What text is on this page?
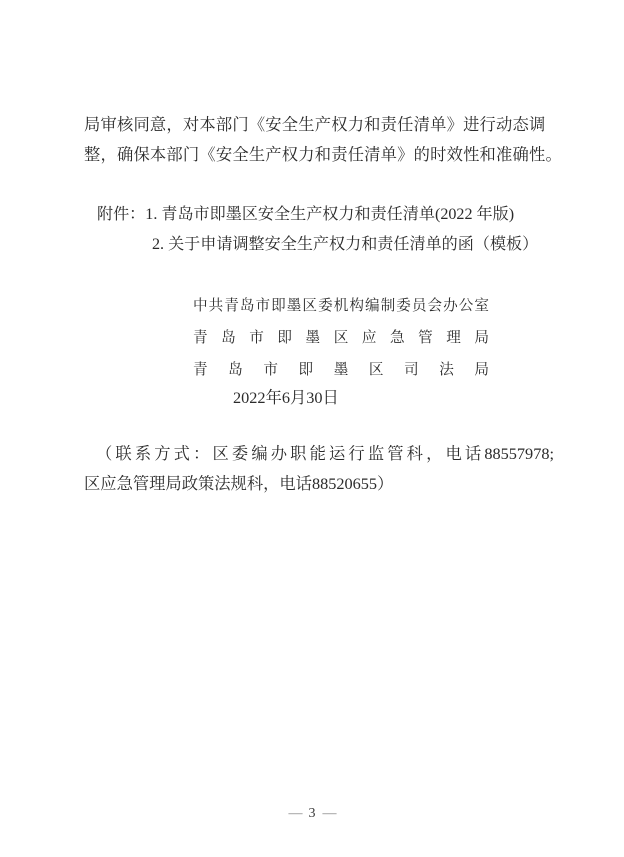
局审核同意，对本部门《安全生产权力和责任清单》进行动态调
整，确保本部门《安全生产权力和责任清单》的时效性和准确性。
附件：1. 青岛市即墨区安全生产权力和责任清单(2022 年版)
2. 关于申请调整安全生产权力和责任清单的函（模板）
中共青岛市即墨区委机构编制委员会办公室
青 岛 市 即 墨 区 应 急 管 理 局
青 岛 市 即 墨 区 司 法 局
2022年6月30日
（联系方式：区委编办职能运行监管科，电话88557978;
区应急管理局政策法规科，电话88520655）
— 3 —
